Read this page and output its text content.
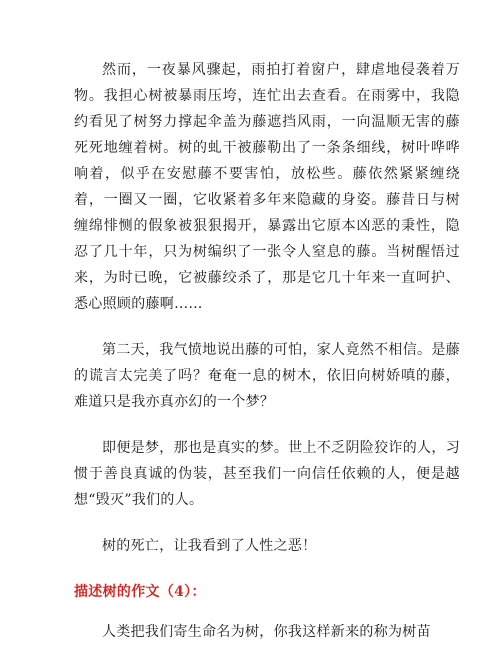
然而，一夜暴风骤起，雨拍打着窗户，肆虐地侵袭着万物。我担心树被暴雨压垮，连忙出去查看。在雨雾中，我隐约看见了树努力撑起伞盖为藤遮挡风雨，一向温顺无害的藤死死地缠着树。树的虬干被藤勒出了一条条细线，树叶哗哗响着，似乎在安慰藤不要害怕，放松些。藤依然紧紧缠绕着，一圈又一圈，它收紧着多年来隐藏的身姿。藤昔日与树缠绵悱恻的假象被狠狠揭开，暴露出它原本凶恶的秉性，隐忍了几十年，只为树编织了一张令人窒息的藤。当树醒悟过来，为时已晚，它被藤绞杀了，那是它几十年来一直呵护、悉心照顾的藤啊……

第二天，我气愤地说出藤的可怕，家人竟然不相信。是藤的谎言太完美了吗？奄奄一息的树木，依旧向树娇嗔的藤，难道只是我亦真亦幻的一个梦？

即便是梦，那也是真实的梦。世上不乏阴险狡诈的人，习惯于善良真诚的伪装，甚至我们一向信任依赖的人，便是越想“毁灭”我们的人。

树的死亡，让我看到了人性之恶！

描述树的作文（4）：
人类把我们寄生命名为树，你我这样新来的称为树苗
